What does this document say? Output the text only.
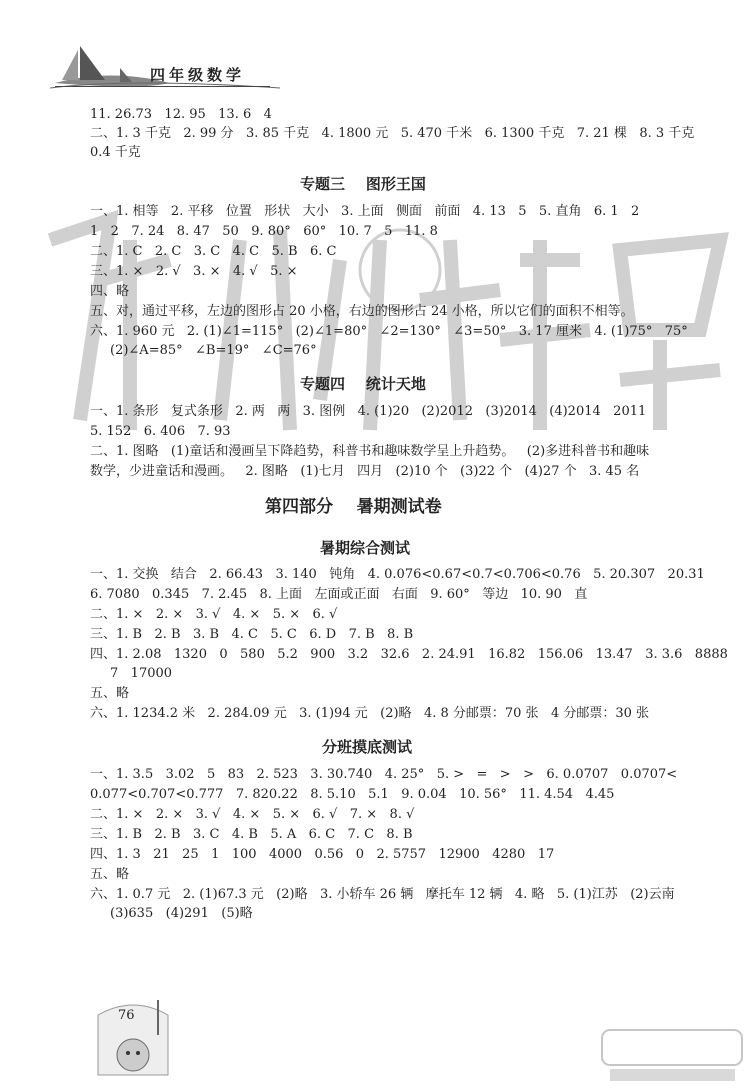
四年级数学
11. 26.73   12. 95   13. 6   4
二、1. 3 千克   2. 99 分   3. 85 千克   4. 1800 元   5. 470 千米   6. 1300 千克   7. 21 棵   8. 3 千克
0.4 千克
专题三    图形王国
一、1. 相等   2. 平移   位置   形状   大小   3. 上面   侧面   前面   4. 13   5   5. 直角   6. 1   2
1   2   7. 24   8. 47   50   9. 80°   60°   10. 7   5   11. 8
二、1. C   2. C   3. C   4. C   5. B   6. C
三、1. ×   2. √   3. ×   4. √   5. ×
四、略
五、对，通过平移，左边的图形占 20 小格，右边的图形占 24 小格，所以它们的面积不相等。
六、1. 960 元   2. (1)∠1=115°   (2)∠1=80°   ∠2=130°   ∠3=50°   3. 17 厘米   4. (1)75°   75°
(2)∠A=85°   ∠B=19°   ∠C=76°
专题四    统计天地
一、1. 条形   复式条形   2. 两   两   3. 图例   4. (1)20   (2)2012   (3)2014   (4)2014   2011
5. 152   6. 406   7. 93
二、1. 图略   (1)童话和漫画呈下降趋势，科普书和趣味数学呈上升趋势。   (2)多进科普书和趣味
数学，少进童话和漫画。   2. 图略   (1)七月   四月   (2)10 个   (3)22 个   (4)27 个   3. 45 名
第四部分    暑期测试卷
暑期综合测试
一、1. 交换   结合   2. 66.43   3. 140   钝角   4. 0.076<0.67<0.7<0.706<0.76   5. 20.307   20.31
6. 7080   0.345   7. 2.45   8. 上面   左面或正面   右面   9. 60°   等边   10. 90   直
二、1. ×   2. ×   3. √   4. ×   5. ×   6. √
三、1. B   2. B   3. B   4. C   5. C   6. D   7. B   8. B
四、1. 2.08   1320   0   580   5.2   900   3.2   32.6   2. 24.91   16.82   156.06   13.47   3. 3.6   8888
7   17000
五、略
六、1. 1234.2 米   2. 284.09 元   3. (1)94 元   (2)略   4. 8 分邮票：70 张   4 分邮票：30 张
分班摸底测试
一、1. 3.5   3.02   5   83   2. 523   3. 30.740   4. 25°   5. >   =   >   >   6. 0.0707   0.0707<
0.077<0.707<0.777   7. 820.22   8. 5.10   5.1   9. 0.04   10. 56°   11. 4.54   4.45
二、1. ×   2. ×   3. √   4. ×   5. ×   6. √   7. ×   8. √
三、1. B   2. B   3. C   4. B   5. A   6. C   7. C   8. B
四、1. 3   21   25   1   100   4000   0.56   0   2. 5757   12900   4280   17
五、略
六、1. 0.7 元   2. (1)67.3 元   (2)略   3. 小轿车 26 辆   摩托车 12 辆   4. 略   5. (1)江苏   (2)云南
(3)635   (4)291   (5)略
76
